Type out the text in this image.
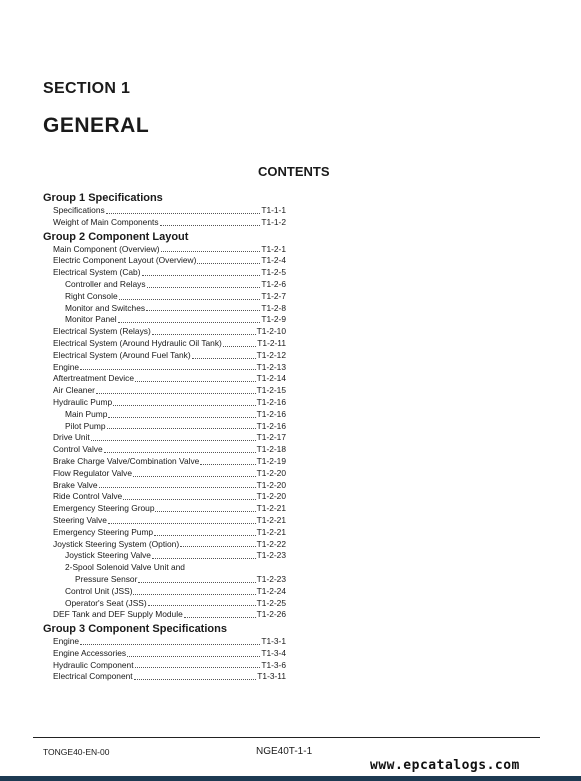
SECTION 1
GENERAL
CONTENTS
Group 1 Specifications
Specifications	T1-1-1
Weight of Main Components	T1-1-2
Group 2 Component Layout
Main Component (Overview)	T1-2-1
Electric Component Layout (Overview)	T1-2-4
Electrical System (Cab)	T1-2-5
Controller and Relays	T1-2-6
Right Console	T1-2-7
Monitor and Switches	T1-2-8
Monitor Panel	T1-2-9
Electrical System (Relays)	T1-2-10
Electrical System (Around Hydraulic Oil Tank)	T1-2-11
Electrical System (Around Fuel Tank)	T1-2-12
Engine	T1-2-13
Aftertreatment Device	T1-2-14
Air Cleaner	T1-2-15
Hydraulic Pump	T1-2-16
Main Pump	T1-2-16
Pilot Pump	T1-2-16
Drive Unit	T1-2-17
Control Valve	T1-2-18
Brake Charge Valve/Combination Valve	T1-2-19
Flow Regulator Valve	T1-2-20
Brake Valve	T1-2-20
Ride Control Valve	T1-2-20
Emergency Steering Group	T1-2-21
Steering Valve	T1-2-21
Emergency Steering Pump	T1-2-21
Joystick Steering System (Option)	T1-2-22
Joystick Steering Valve	T1-2-23
2-Spool Solenoid Valve Unit and
Pressure Sensor	T1-2-23
Control Unit (JSS)	T1-2-24
Operator's Seat (JSS)	T1-2-25
DEF Tank and DEF Supply Module	T1-2-26
Group 3 Component Specifications
Engine	T1-3-1
Engine Accessories	T1-3-4
Hydraulic Component	T1-3-6
Electrical Component	T1-3-11
TONGE40-EN-00	NGE40T-1-1
www.epcatalogs.com
